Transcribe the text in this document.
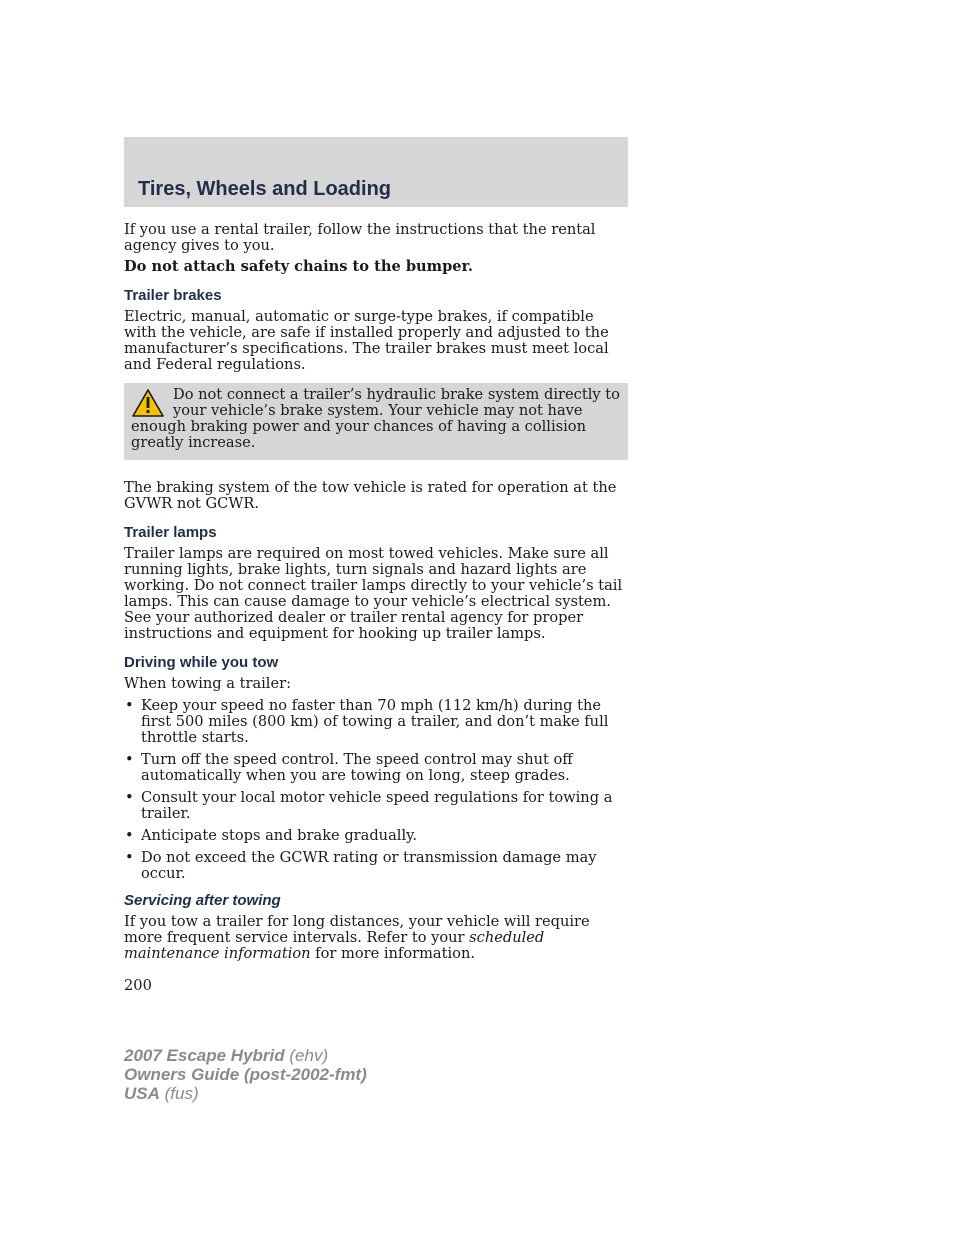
Tires, Wheels and Loading

If you use a rental trailer, follow the instructions that the rental agency gives to you.

Do not attach safety chains to the bumper.

Trailer brakes

Electric, manual, automatic or surge-type brakes, if compatible with the vehicle, are safe if installed properly and adjusted to the manufacturer’s specifications. The trailer brakes must meet local and Federal regulations.

Do not connect a trailer’s hydraulic brake system directly to your vehicle’s brake system. Your vehicle may not have enough braking power and your chances of having a collision greatly increase.

The braking system of the tow vehicle is rated for operation at the GVWR not GCWR.

Trailer lamps

Trailer lamps are required on most towed vehicles. Make sure all running lights, brake lights, turn signals and hazard lights are working. Do not connect trailer lamps directly to your vehicle’s tail lamps. This can cause damage to your vehicle’s electrical system. See your authorized dealer or trailer rental agency for proper instructions and equipment for hooking up trailer lamps.

Driving while you tow

When towing a trailer:

• Keep your speed no faster than 70 mph (112 km/h) during the first 500 miles (800 km) of towing a trailer, and don’t make full throttle starts.
• Turn off the speed control. The speed control may shut off automatically when you are towing on long, steep grades.
• Consult your local motor vehicle speed regulations for towing a trailer.
• Anticipate stops and brake gradually.
• Do not exceed the GCWR rating or transmission damage may occur.
Servicing after towing

If you tow a trailer for long distances, your vehicle will require more frequent service intervals. Refer to your scheduled maintenance information for more information.

200

2007 Escape Hybrid (ehv)
Owners Guide (post-2002-fmt)
USA (fus)
